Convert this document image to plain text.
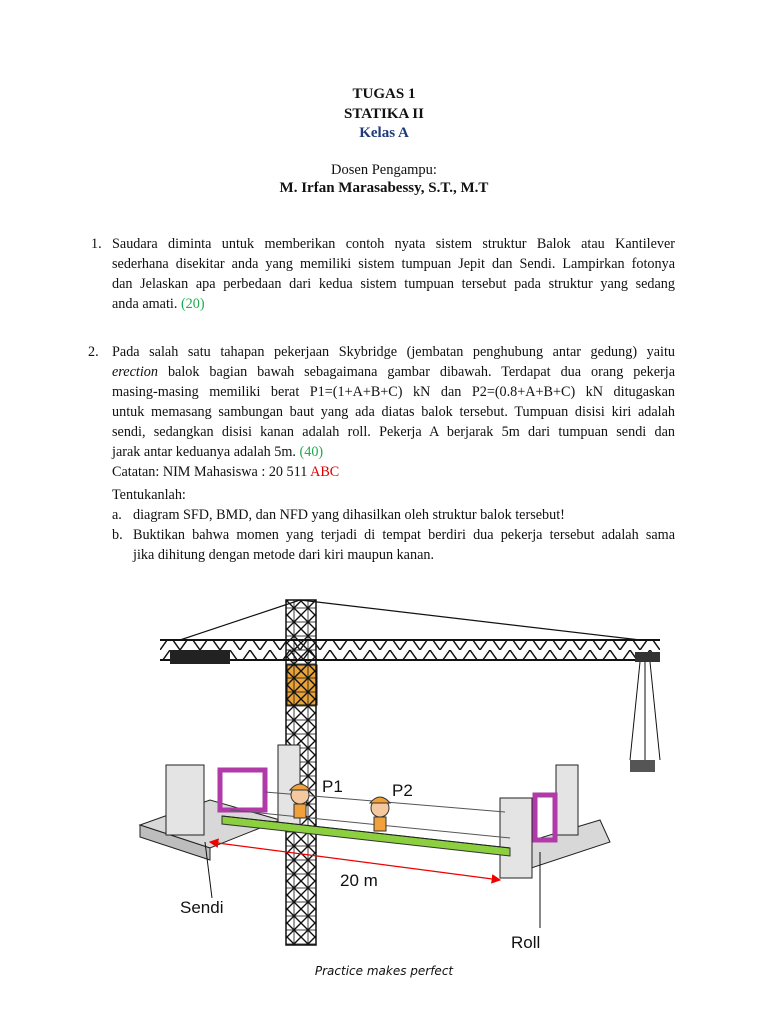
TUGAS 1
STATIKA II
Kelas A
Dosen Pengampu:
M. Irfan Marasabessy, S.T., M.T
1. Saudara diminta untuk memberikan contoh nyata sistem struktur Balok atau Kantilever
sederhana disekitar anda yang memiliki sistem tumpuan Jepit dan Sendi. Lampirkan fotonya
dan Jelaskan apa perbedaan dari kedua sistem tumpuan tersebut pada struktur yang sedang
anda amati. (20)
2. Pada salah satu tahapan pekerjaan Skybridge (jembatan penghubung antar gedung) yaitu
erection balok bagian bawah sebagaimana gambar dibawah. Terdapat dua orang pekerja
masing-masing memiliki berat P1=(1+A+B+C) kN dan P2=(0.8+A+B+C) kN ditugaskan
untuk memasang sambungan baut yang ada diatas balok tersebut. Tumpuan disisi kiri adalah
sendi, sedangkan disisi kanan adalah roll. Pekerja A berjarak 5m dari tumpuan sendi dan
jarak antar keduanya adalah 5m. (40)
Catatan: NIM Mahasiswa : 20 511 ABC
Tentukanlah:
a. diagram SFD, BMD, dan NFD yang dihasilkan oleh struktur balok tersebut!
b. Buktikan bahwa momen yang terjadi di tempat berdiri dua pekerja tersebut adalah sama
jika dihitung dengan metode dari kiri maupun kanan.
P1	P2
20 m
Sendi
Roll
Practice makes perfect
